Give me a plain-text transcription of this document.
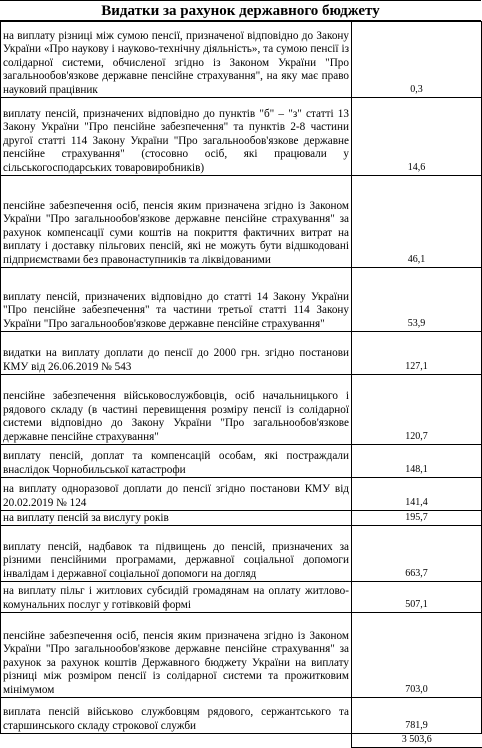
Видатки за рахунок державного бюджету
на виплату різниці між сумою пенсії, призначеної відповідно до Закону України «Про наукову і науково-технічну діяльність», та сумою пенсії із солідарної системи, обчисленої згідно із Законом України "Про загальнообов'язкове державне пенсійне страхування", на яку має право науковий працівник	0,3
виплату пенсій, призначених відповідно до пунктів "б" – "з" статті 13 Закону України "Про пенсійне забезпечення" та пунктів 2-8 частини другої статті 114 Закону України "Про загальнообов'язкове державне пенсійне страхування" (стосовно осіб, які працювали у сільськогосподарських товаровиробників)	14,6
пенсійне забезпечення осіб, пенсія яким призначена згідно із Законом України "Про загальнообов'язкове державне пенсійне страхування" за рахунок компенсації суми коштів на покриття фактичних витрат на виплату і доставку пільгових пенсій, які не можуть бути відшкодовані підприємствами без правонаступників та ліквідованими	46,1
виплату пенсій, призначених відповідно до статті 14 Закону України "Про пенсійне забезпечення" та частини третьої статті 114 Закону України "Про загальнообов'язкове державне пенсійне страхування"	53,9
видатки на виплату доплати до пенсії до 2000 грн. згідно постанови КМУ від 26.06.2019 № 543	127,1
пенсійне забезпечення військовослужбовців, осіб начальницького і рядового складу (в частині перевищення розміру пенсії із солідарної системи відповідно до Закону України "Про загальнообов'язкове державне пенсійне страхування"	120,7
виплату пенсій, доплат та компенсацій особам, які постраждали внаслідок Чорнобильської катастрофи	148,1
на виплату одноразової доплати до пенсії згідно постанови КМУ від 20.02.2019 № 124	141,4
на виплату пенсій за вислугу років	195,7
виплату пенсій, надбавок та підвищень до пенсій, призначених за різними пенсійними програмами, державної соціальної допомоги інвалідам і державної соціальної допомоги на догляд	663,7
на виплату пільг і житлових субсидій громадянам на оплату житлово-комунальних послуг у готівковій формі	507,1
пенсійне забезпечення осіб, пенсія яким призначена згідно із Законом України "Про загальнообов'язкове державне пенсійне страхування" за рахунок за рахунок коштів Державного бюджету України на виплату різниці між розміром пенсії із солідарної системи та прожитковим мінімумом	703,0
виплата пенсій військово службовцям рядового, сержантського та старшинського складу строкової служби	781,9
	3 503,6
